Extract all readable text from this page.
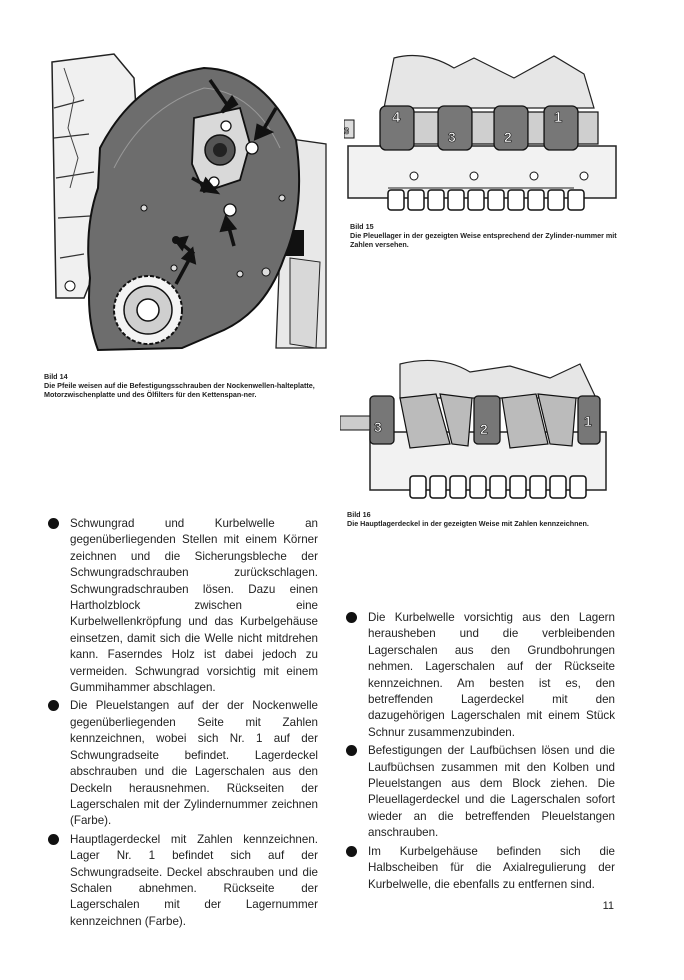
Bild 14
Die Pfeile weisen auf die Befestigungsschrauben der Nockenwellen-halteplatte, Motorzwischenplatte und des Ölfilters für den Kettenspan-ner.
3
4
3	2
1
Bild 15
Die Pleuellager in der gezeigten Weise entsprechend der Zylinder-nummer mit Zahlen versehen.
3	2	1
Bild 16
Die Hauptlagerdeckel in der gezeigten Weise mit Zahlen kennzeichnen.

Schwungrad und Kurbelwelle an gegenüberliegenden Stellen mit einem Körner zeichnen und die Sicherungsbleche der Schwungradschrauben zurückschlagen. Schwungradschrauben lösen. Dazu einen Hartholzblock zwischen eine Kurbelwellenkröpfung und das Kurbelgehäuse einsetzen, damit sich die Welle nicht mitdrehen kann. Faserndes Holz ist dabei jedoch zu vermeiden. Schwungrad vorsichtig mit einem Gummihammer abschlagen.

Die Pleuelstangen auf der der Nockenwelle gegenüberliegenden Seite mit Zahlen kennzeichnen, wobei sich Nr. 1 auf der Schwungradseite befindet. Lagerdeckel abschrauben und die Lagerschalen aus den Deckeln herausnehmen. Rückseiten der Lagerschalen mit der Zylindernummer zeichnen (Farbe).

Hauptlagerdeckel mit Zahlen kennzeichnen. Lager Nr. 1 befindet sich auf der Schwungradseite. Deckel abschrauben und die Schalen abnehmen. Rückseite der Lagerschalen mit der Lagernummer kennzeichnen (Farbe).

Die Kurbelwelle vorsichtig aus den Lagern herausheben und die verbleibenden Lagerschalen aus den Grundbohrungen nehmen. Lagerschalen auf der Rückseite kennzeichnen. Am besten ist es, den betreffenden Lagerdeckel mit den dazugehörigen Lagerschalen mit einem Stück Schnur zusammenzubinden.

Befestigungen der Laufbüchsen lösen und die Laufbüchsen zusammen mit den Kolben und Pleuelstangen aus dem Block ziehen. Die Pleuellagerdeckel und die Lagerschalen sofort wieder an die betreffenden Pleuelstangen anschrauben.

Im Kurbelgehäuse befinden sich die Halbscheiben für die Axialregulierung der Kurbelwelle, die ebenfalls zu entfernen sind.

11
